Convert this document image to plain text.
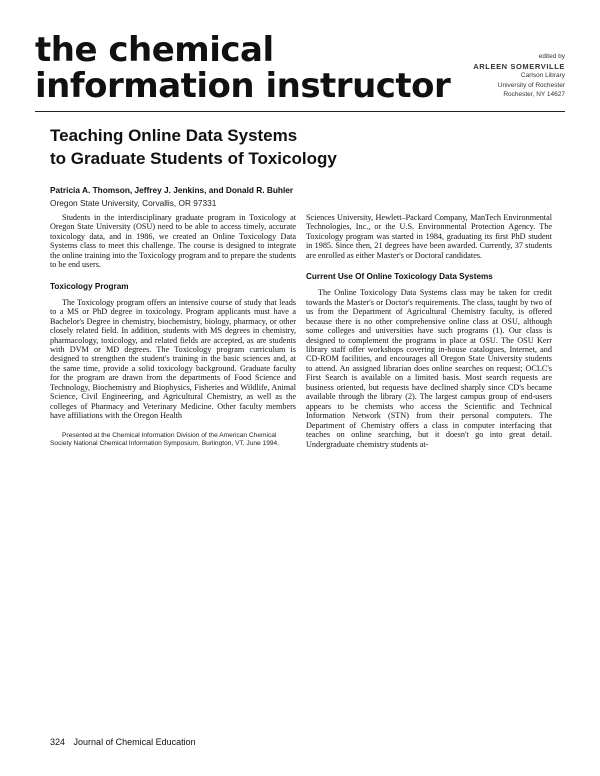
the chemical
information instructor
edited by
ARLEEN SOMERVILLE
Carlson Library
University of Rochester
Rochester, NY 14627
Teaching Online Data Systems
to Graduate Students of Toxicology
Patricia A. Thomson, Jeffrey J. Jenkins, and Donald R. Buhler
Oregon State University, Corvallis, OR 97331

Students in the interdisciplinary graduate program in Toxicology at Oregon State University (OSU) need to be able to access timely, accurate toxicology data, and in 1986, we created an Online Toxicology Data Systems class to meet this challenge. The course is designed to integrate the online training into the Toxicology program and to prepare the students to be end users.

Toxicology Program

The Toxicology program offers an intensive course of study that leads to a MS or PhD degree in toxicology. Program applicants must have a Bachelor's Degree in chemistry, biochemistry, biology, pharmacy, or other closely related field. In addition, students with MS degrees in chemistry, pharmacology, toxicology, and related fields are accepted, as are students with DVM or MD degrees. The Toxicology program curriculum is designed to strengthen the student's training in the basic sciences and, at the same time, provide a solid toxicology background. Graduate faculty for the program are drawn from the departments of Food Science and Technology, Biochemistry and Biophysics, Fisheries and Wildlife, Animal Science, Civil Engineering, and Agricultural Chemistry, as well as the colleges of Pharmacy and Veterinary Medicine. Other faculty members have affiliations with the Oregon Health

Presented at the Chemical Information Division of the American Chemical Society National Chemical Information Symposium, Burlington, VT, June 1994.

Sciences University, Hewlett–Packard Company, ManTech Environmental Technologies, Inc., or the U.S. Environmental Protection Agency. The Toxicology program was started in 1984, graduating its first PhD student in 1985. Since then, 21 degrees have been awarded. Currently, 37 students are enrolled as either Master's or Doctoral candidates.

Current Use Of Online Toxicology Data Systems

The Online Toxicology Data Systems class may be taken for credit towards the Master's or Doctor's requirements. The class, taught by two of us from the Department of Agricultural Chemistry faculty, is offered because there is no other comprehensive online class at OSU, although some colleges and universities have such programs (1). Our class is designed to complement the programs in place at OSU. The OSU Kerr library staff offer workshops covering in-house catalogues, Internet, and CD-ROM facilities, and encourages all Oregon State University students to attend. An assigned librarian does online searches on request; OCLC's First Search is available on a limited basis. Most search requests are business oriented, but requests have declined sharply since CD's became available through the library (2). The largest campus group of end-users appears to be chemists who access the Scientific and Technical Information Network (STN) from their personal computers. The Department of Chemistry offers a class in computer interfacing that teaches on online searching, but it doesn't go into great detail. Undergraduate chemistry students at-

324 Journal of Chemical Education
